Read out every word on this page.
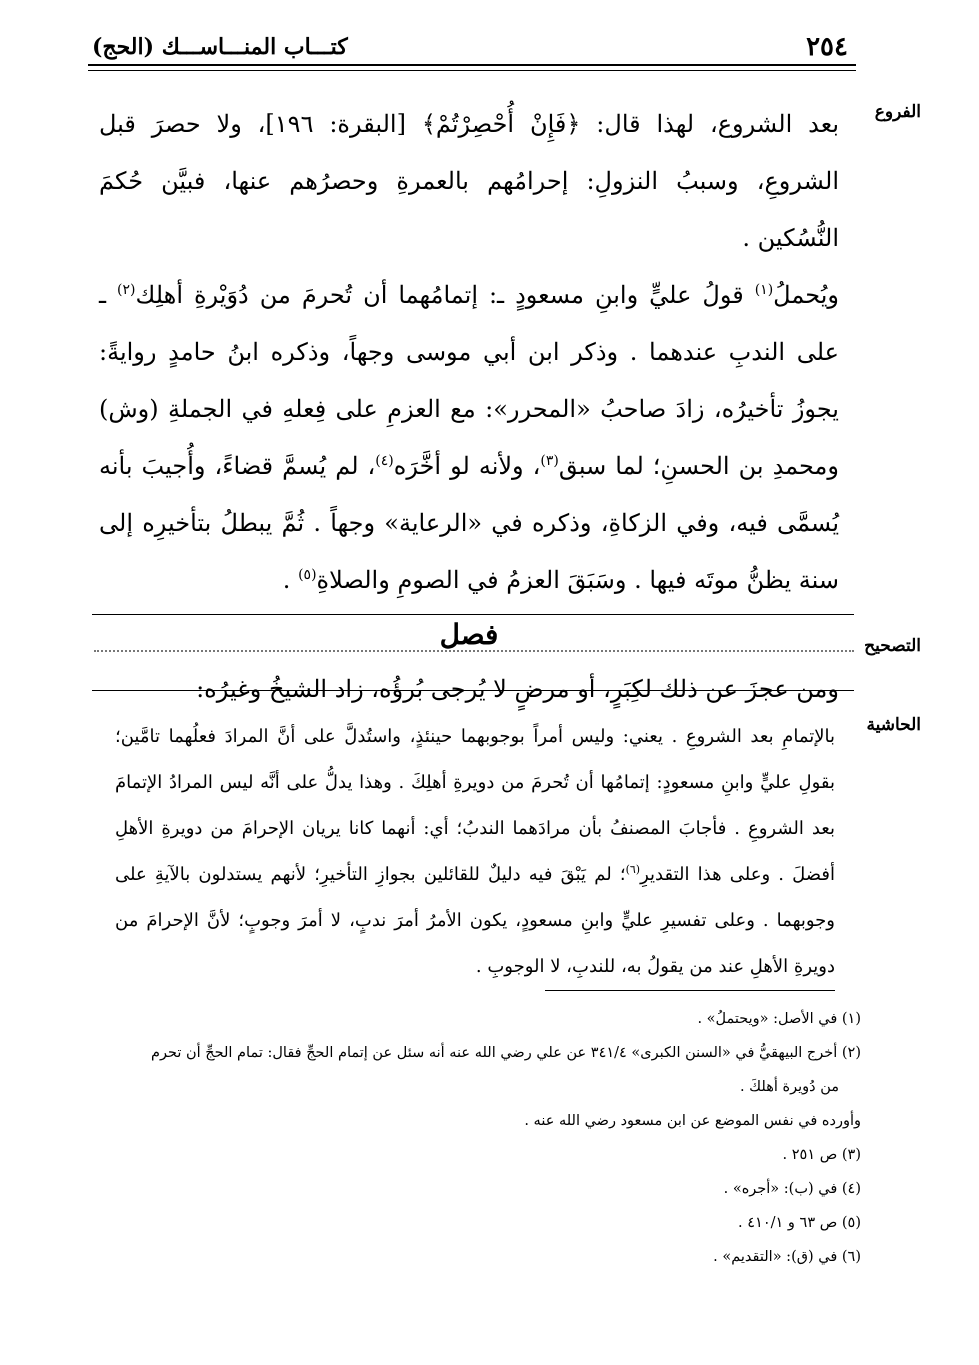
٢٥٤
كتـــاب المنـــاســـك (الحج)
الفروع
التصحيح
الحاشية

بعد الشروع، لهذا قال: ﴿فَإِنْ أُحْصِرْتُمْ﴾ [البقرة: ١٩٦]، ولا حصرَ قبل الشروعِ، وسببُ النزولِ: إحرامُهم بالعمرةِ وحصرُهم عنها، فبيَّن حُكمَ النُّسُكين .

ويُحملُ$^{(١)}$ قولُ عليٍّ وابنِ مسعودٍ ـ: إتمامُهما أن تُحرمَ من دُوَيْرةِ أهلِك$^{(٢)}$ ـ على الندبِ عندهما . وذكر ابن أبي موسى وجهاً، وذكره ابنُ حامدٍ روايةً: يجوزُ تأخيرُه، زادَ صاحبُ «المحرر»: مع العزمِ على فِعلهِ في الجملةِ (وش) ومحمدِ بن الحسنِ؛ لما سبق$^{(٣)}$، ولأنه لو أخَّرَه$^{(٤)}$، لم يُسمَّ قضاءً، وأُجيبَ بأنه يُسمَّى فيه، وفي الزكاةِ، وذكره في «الرعاية» وجهاً . ثُمَّ يبطلُ بتأخيرِه إلى سنة يظنُّ موتَه فيها . وسَبَقَ العزمُ في الصومِ والصلاةِ$^{(٥)}$ .

فصل

ومن عجزَ عن ذلك لكِبَرٍ، أو مرضٍ لا يُرجى بُرؤُه، زاد الشيخُ وغيرُه:

بالإتمامِ بعد الشروعِ . يعني: وليس أمراً بوجوبهما حينئذٍ، واستُدلَّ على أنَّ المرادَ فعلُهما تامَّين؛ بقولِ عليٍّ وابنِ مسعودٍ: إتمامُها أن تُحرمَ من دويرةِ أهلِكَ . وهذا يدلُّ على أنَّه ليس المرادُ الإتمامَ بعد الشروعِ . فأجابَ المصنفُ بأن مرادَهما الندبُ؛ أي: أنهما كانا يريان الإحرامَ من دويرةِ الأهلِ أفضلَ . وعلى هذا التقديرِ$^{(٦)}$؛ لم يَبْقَ فيه دليلٌ للقائلين بجوازِ التأخيرِ؛ لأنهم يستدلون بالآيةِ على وجوبهما . وعلى تفسيرِ عليٍّ وابنِ مسعودٍ، يكون الأمرُ أمرَ ندبٍ، لا أمرَ وجوبٍ؛ لأنَّ الإحرامَ من دويرةِ الأهلِ عند من يقولُ به، للندبِ، لا الوجوبِ .

(١) في الأصل: «ويحتملُ» .
(٢) أخرج البيهقيُّ في «السنن الكبرى» ٣٤١/٤ عن علي رضي الله عنه أنه سئل عن إتمام الحجِّ فقال: تمام الحجِّ أن تحرم
من دُويرة أهلكَ .
وأورده في نفس الموضع عن ابن مسعود رضي الله عنه .
(٣) ص ٢٥١ .
(٤) في (ب): «أجره» .
(٥) ص ٦٣ و ٤١٠/١ .
(٦) في (ق): «التقديم» .
